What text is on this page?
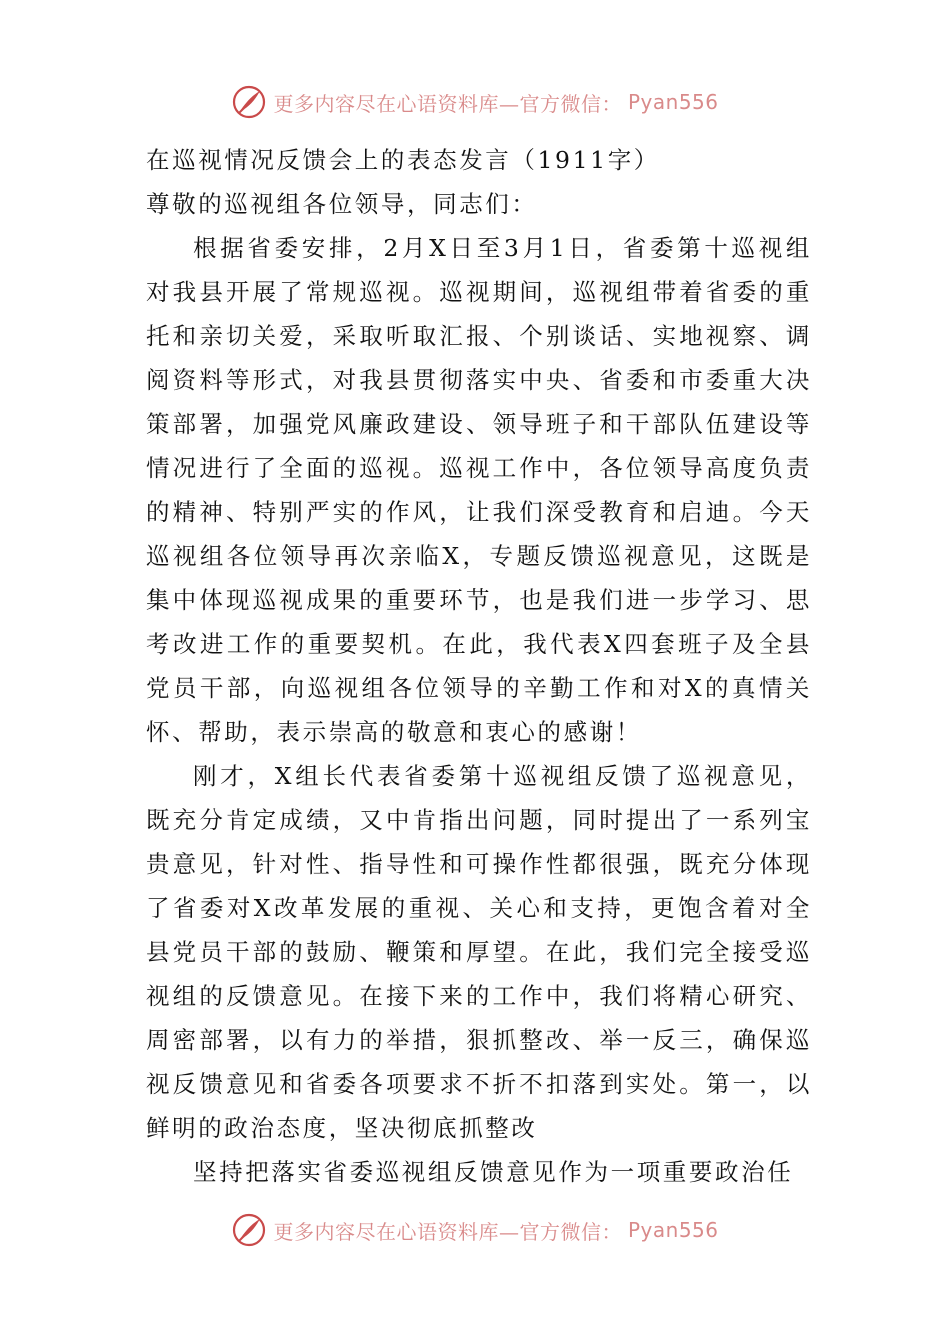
更多内容尽在心语资料库—官方微信： Pyan556

在巡视情况反馈会上的表态发言（1911字）

尊敬的巡视组各位领导，同志们：

根据省委安排，2月X日至3月1日，省委第十巡视组对我县开展了常规巡视。巡视期间，巡视组带着省委的重托和亲切关爱，采取听取汇报、个别谈话、实地视察、调阅资料等形式，对我县贯彻落实中央、省委和市委重大决策部署，加强党风廉政建设、领导班子和干部队伍建设等情况进行了全面的巡视。巡视工作中，各位领导高度负责的精神、特别严实的作风，让我们深受教育和启迪。今天巡视组各位领导再次亲临X，专题反馈巡视意见，这既是集中体现巡视成果的重要环节，也是我们进一步学习、思考改进工作的重要契机。在此，我代表X四套班子及全县党员干部，向巡视组各位领导的辛勤工作和对X的真情关怀、帮助，表示崇高的敬意和衷心的感谢！

刚才，X组长代表省委第十巡视组反馈了巡视意见，既充分肯定成绩，又中肯指出问题，同时提出了一系列宝贵意见，针对性、指导性和可操作性都很强，既充分体现了省委对X改革发展的重视、关心和支持，更饱含着对全县党员干部的鼓励、鞭策和厚望。在此，我们完全接受巡视组的反馈意见。在接下来的工作中，我们将精心研究、周密部署，以有力的举措，狠抓整改、举一反三，确保巡视反馈意见和省委各项要求不折不扣落到实处。第一，以鲜明的政治态度，坚决彻底抓整改

坚持把落实省委巡视组反馈意见作为一项重要政治任

更多内容尽在心语资料库—官方微信： Pyan556
